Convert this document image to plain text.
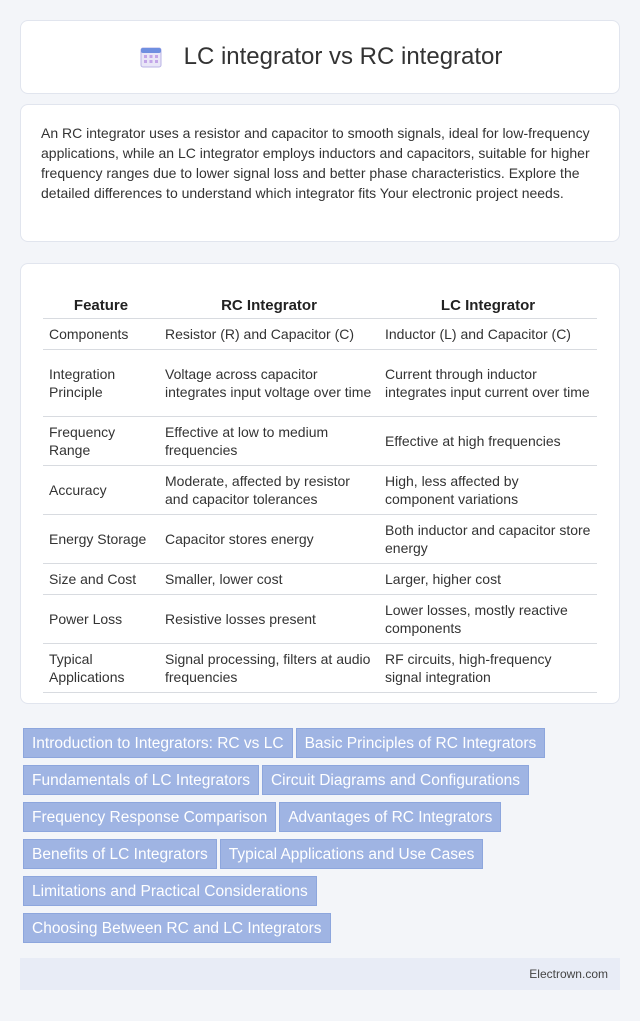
LC integrator vs RC integrator

An RC integrator uses a resistor and capacitor to smooth signals, ideal for low-frequency applications, while an LC integrator employs inductors and capacitors, suitable for higher frequency ranges due to lower signal loss and better phase characteristics. Explore the detailed differences to understand which integrator fits Your electronic project needs.

Feature	RC Integrator	LC Integrator
Components	Resistor (R) and Capacitor (C)	Inductor (L) and Capacitor (C)
Integration Principle	Voltage across capacitor integrates input voltage over time	Current through inductor integrates input current over time
Frequency Range	Effective at low to medium frequencies	Effective at high frequencies
Accuracy	Moderate, affected by resistor and capacitor tolerances	High, less affected by component variations
Energy Storage	Capacitor stores energy	Both inductor and capacitor store energy
Size and Cost	Smaller, lower cost	Larger, higher cost
Power Loss	Resistive losses present	Lower losses, mostly reactive components
Typical Applications	Signal processing, filters at audio frequencies	RF circuits, high-frequency signal integration
Introduction to Integrators: RC vs LC Basic Principles of RC Integrators Fundamentals of LC Integrators Circuit Diagrams and Configurations Frequency Response Comparison Advantages of RC Integrators Benefits of LC Integrators Typical Applications and Use Cases Limitations and Practical Considerations Choosing Between RC and LC Integrators
Electrown.com
